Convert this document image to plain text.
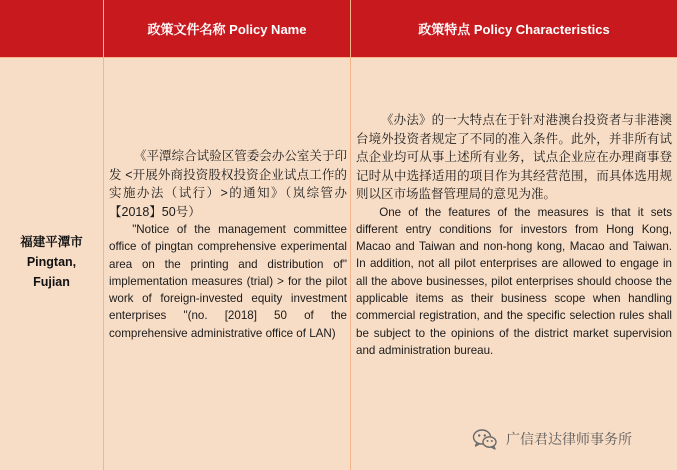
政策文件名称 Policy Name	政策特点 Policy Characteristics
福建平潭市
Pingtan,
Fujian
《平潭综合试验区管委会办公室关于印发 <开展外商投资股权投资企业试点工作的实施办法（试行）>的通知》（岚综管办【2018】50号）
"Notice of the management committee office of pingtan comprehensive experimental area on the printing and distribution of" implementation measures (trial) > for the pilot work of foreign-invested equity investment enterprises "(no. [2018] 50 of the comprehensive administrative office of LAN)
《办法》的一大特点在于针对港澳台投资者与非港澳台境外投资者规定了不同的准入条件。此外，并非所有试点企业均可从事上述所有业务，试点企业应在办理商事登记时从中选择适用的项目作为其经营范围，而具体选用规则以区市场监督管理局的意见为准。
One of the features of the measures is that it sets different entry conditions for investors from Hong Kong, Macao and Taiwan and non-hong kong, Macao and Taiwan. In addition, not all pilot enterprises are allowed to engage in all the above businesses, pilot enterprises should choose the applicable items as their business scope when handling commercial registration, and the specific selection rules shall be subject to the opinions of the district market supervision and administration bureau.
广信君达律师事务所
